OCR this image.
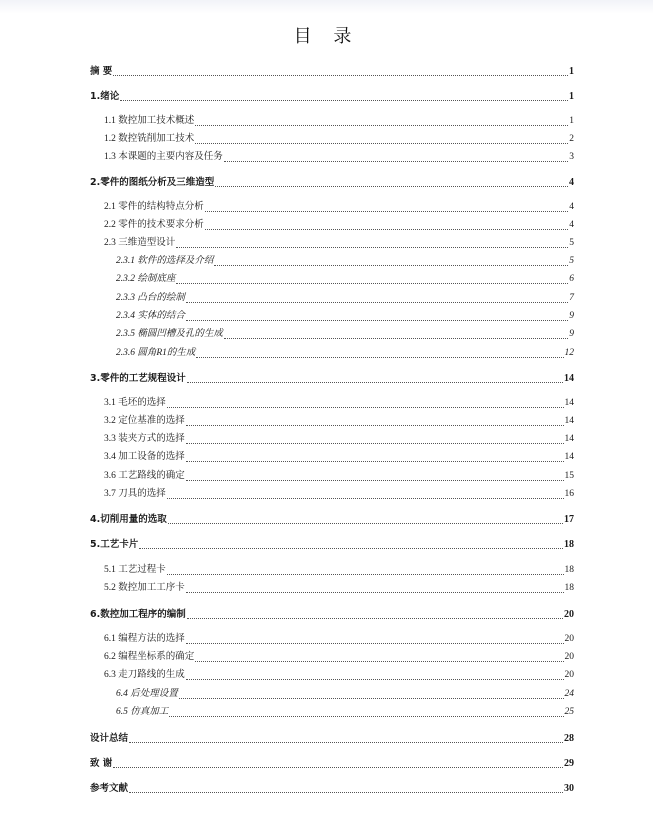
目 录
摘 要	1
1.绪论	1
1.1 数控加工技术概述	1
1.2 数控铣削加工技术	2
1.3 本课题的主要内容及任务	3
2.零件的图纸分析及三维造型	4
2.1 零件的结构特点分析	4
2.2 零件的技术要求分析	4
2.3 三维造型设计	5
2.3.1 软件的选择及介绍	5
2.3.2 绘制底座	6
2.3.3 凸台的绘制	7
2.3.4 实体的结合	9
2.3.5 椭圆凹槽及孔的生成	9
2.3.6 圆角R1的生成	12
3.零件的工艺规程设计	14
3.1 毛坯的选择	14
3.2 定位基准的选择	14
3.3 装夹方式的选择	14
3.4 加工设备的选择	14
3.6 工艺路线的确定	15
3.7 刀具的选择	16
4.切削用量的选取	17
5.工艺卡片	18
5.1 工艺过程卡	18
5.2 数控加工工序卡	18
6.数控加工程序的编制	20
6.1 编程方法的选择	20
6.2 编程坐标系的确定	20
6.3 走刀路线的生成	20
6.4 后处理设置	24
6.5 仿真加工	25
设计总结	28
致 谢	29
参考文献	30
